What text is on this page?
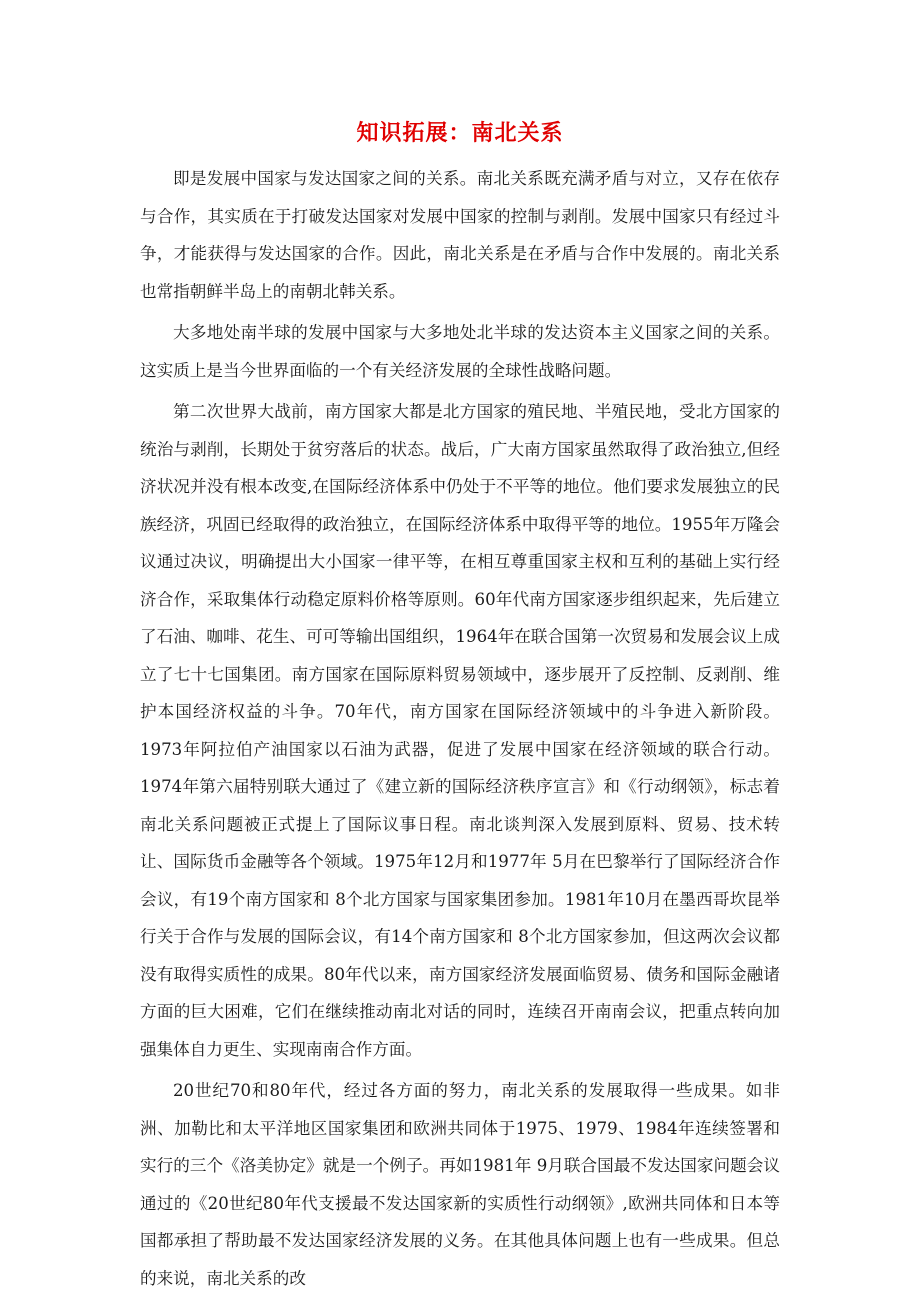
知识拓展：南北关系

即是发展中国家与发达国家之间的关系。南北关系既充满矛盾与对立，又存在依存与合作，其实质在于打破发达国家对发展中国家的控制与剥削。发展中国家只有经过斗争，才能获得与发达国家的合作。因此，南北关系是在矛盾与合作中发展的。南北关系也常指朝鲜半岛上的南朝北韩关系。

大多地处南半球的发展中国家与大多地处北半球的发达资本主义国家之间的关系。这实质上是当今世界面临的一个有关经济发展的全球性战略问题。

第二次世界大战前，南方国家大都是北方国家的殖民地、半殖民地，受北方国家的统治与剥削，长期处于贫穷落后的状态。战后，广大南方国家虽然取得了政治独立,但经济状况并没有根本改变,在国际经济体系中仍处于不平等的地位。他们要求发展独立的民族经济，巩固已经取得的政治独立，在国际经济体系中取得平等的地位。1955年万隆会议通过决议，明确提出大小国家一律平等，在相互尊重国家主权和互利的基础上实行经济合作，采取集体行动稳定原料价格等原则。60年代南方国家逐步组织起来，先后建立了石油、咖啡、花生、可可等输出国组织，1964年在联合国第一次贸易和发展会议上成立了七十七国集团。南方国家在国际原料贸易领域中，逐步展开了反控制、反剥削、维护本国经济权益的斗争。70年代，南方国家在国际经济领域中的斗争进入新阶段。1973年阿拉伯产油国家以石油为武器，促进了发展中国家在经济领域的联合行动。1974年第六届特别联大通过了《建立新的国际经济秩序宣言》和《行动纲领》，标志着南北关系问题被正式提上了国际议事日程。南北谈判深入发展到原料、贸易、技术转让、国际货币金融等各个领域。1975年12月和1977年 5月在巴黎举行了国际经济合作会议，有19个南方国家和 8个北方国家与国家集团参加。1981年10月在墨西哥坎昆举行关于合作与发展的国际会议，有14个南方国家和 8个北方国家参加，但这两次会议都没有取得实质性的成果。80年代以来，南方国家经济发展面临贸易、债务和国际金融诸方面的巨大困难，它们在继续推动南北对话的同时，连续召开南南会议，把重点转向加强集体自力更生、实现南南合作方面。

20世纪70和80年代，经过各方面的努力，南北关系的发展取得一些成果。如非洲、加勒比和太平洋地区国家集团和欧洲共同体于1975、1979、1984年连续签署和实行的三个《洛美协定》就是一个例子。再如1981年 9月联合国最不发达国家问题会议通过的《20世纪80年代支援最不发达国家新的实质性行动纲领》,欧洲共同体和日本等国都承担了帮助最不发达国家经济发展的义务。在其他具体问题上也有一些成果。但总的来说，南北关系的改
